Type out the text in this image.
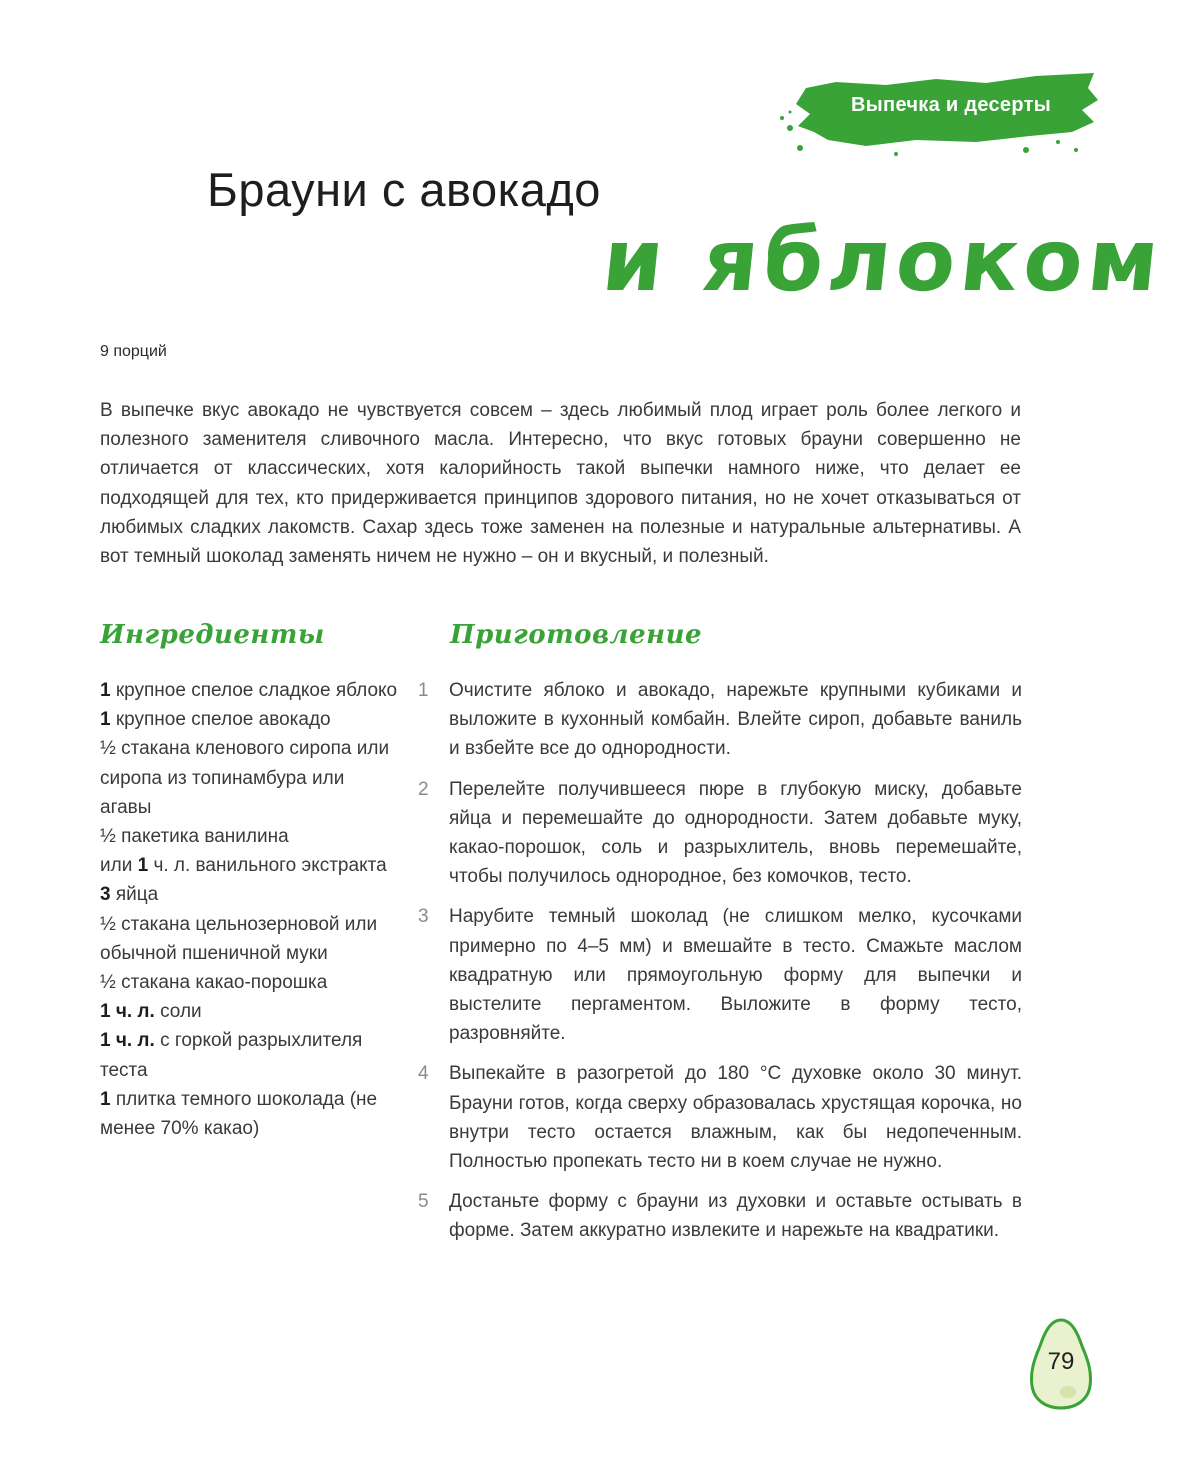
Выпечка и десерты
Брауни с авокадо
и яблоком
9 порций

В выпечке вкус авокадо не чувствуется совсем – здесь любимый плод играет роль более легкого и полезного заменителя сливочного масла. Интересно, что вкус готовых брауни совершенно не отличается от классических, хотя калорийность такой выпечки намного ниже, что делает ее подходящей для тех, кто придерживается принципов здорового питания, но не хочет отказываться от любимых сладких лакомств. Сахар здесь тоже заменен на полезные и натуральные альтернативы. А вот темный шоколад заменять ничем не нужно – он и вкусный, и полезный.

Ингредиенты	Приготовление
1 крупное спелое сладкое яблоко
1 крупное спелое авокадо
½ стакана кленового сиропа или сиропа из топинамбура или агавы
½ пакетика ванилина
или 1 ч. л. ванильного экстракта
3 яйца
½ стакана цельнозерновой или обычной пшеничной муки
½ стакана какао-порошка
1 ч. л. соли
1 ч. л. с горкой разрыхлителя теста
1 плитка темного шоколада (не менее 70% какао)
1	Очистите яблоко и авокадо, нарежьте крупными кубиками и выложите в кухонный комбайн. Влейте сироп, добавьте ваниль и взбейте все до однородности.
2	Перелейте получившееся пюре в глубокую миску, добавьте яйца и перемешайте до однородности. Затем добавьте муку, какао-порошок, соль и разрыхлитель, вновь перемешайте, чтобы получилось однородное, без комочков, тесто.
3	Нарубите темный шоколад (не слишком мелко, кусочками примерно по 4–5 мм) и вмешайте в тесто. Смажьте маслом квадратную или прямоугольную форму для выпечки и выстелите пергаментом. Выложите в форму тесто, разровняйте.
4	Выпекайте в разогретой до 180 °С духовке около 30 минут. Брауни готов, когда сверху образовалась хрустящая корочка, но внутри тесто остается влажным, как бы недопеченным. Полностью пропекать тесто ни в коем случае не нужно.
5	Достаньте форму с брауни из духовки и оставьте остывать в форме. Затем аккуратно извлеките и нарежьте на квадратики.
79
